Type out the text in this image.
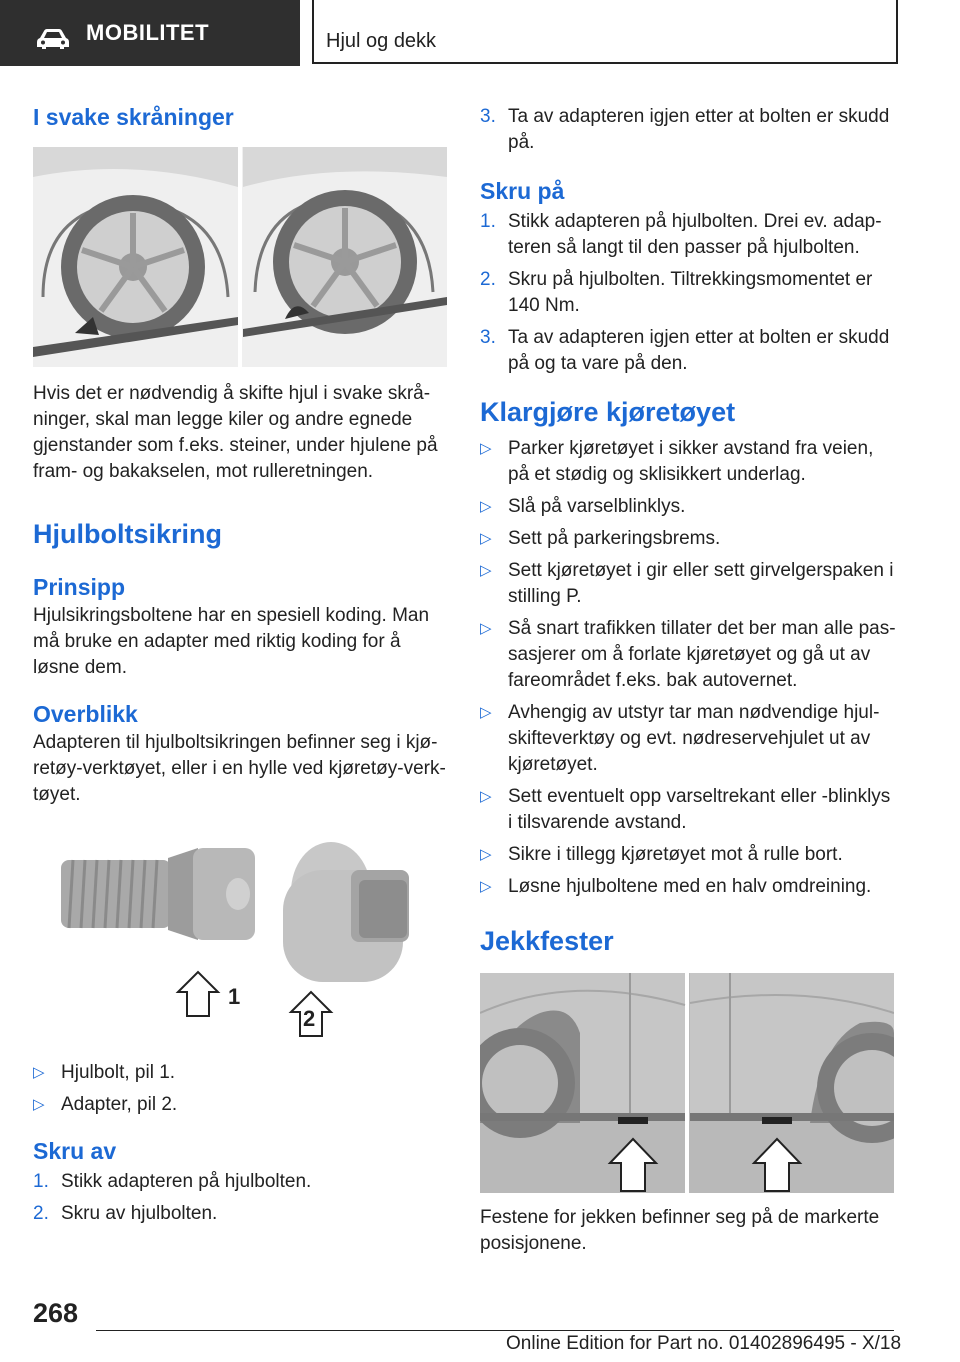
MOBILITET	Hjul og dekk
I svake skråninger

Hvis det er nødvendig å skifte hjul i svake skråninger, skal man legge kiler og andre egnede gjenstander som f.eks. steiner, under hjulene på fram- og bakakselen, mot rulleretningen.

Hjulboltsikring
Prinsipp

Hjulsikringsboltene har en spesiell koding. Man må bruke en adapter med riktig koding for å løsne dem.

Overblikk

Adapteren til hjulboltsikringen befinner seg i kjøretøy-verktøyet, eller i en hylle ved kjøretøy-verktøyet.

1
2
▷ Hjulbolt, pil 1.
▷ Adapter, pil 2.
Skru av
1. Stikk adapteren på hjulbolten.
2. Skru av hjulbolten.
3. Ta av adapteren igjen etter at bolten er skudd på.
Skru på
1. Stikk adapteren på hjulbolten. Drei ev. adapteren så langt til den passer på hjulbolten.
2. Skru på hjulbolten. Tiltrekkingsmomentet er 140 Nm.
3. Ta av adapteren igjen etter at bolten er skudd på og ta vare på den.
Klargjøre kjøretøyet
▷ Parker kjøretøyet i sikker avstand fra veien, på et stødig og sklisikkert underlag.
▷ Slå på varselblinklys.
▷ Sett på parkeringsbrems.
▷ Sett kjøretøyet i gir eller sett girvelgerspaken i stilling P.
▷ Så snart trafikken tillater det ber man alle passasjerer om å forlate kjøretøyet og gå ut av fareområdet f.eks. bak autovernet.
▷ Avhengig av utstyr tar man nødvendige hjulskifteverktøy og evt. nødreservehjulet ut av kjøretøyet.
▷ Sett eventuelt opp varseltrekant eller -blinklys i tilsvarende avstand.
▷ Sikre i tillegg kjøretøyet mot å rulle bort.
▷ Løsne hjulboltene med en halv omdreining.
Jekkfester

Festene for jekken befinner seg på de markerte posisjonene.

268
Online Edition for Part no. 01402896495 - X/18
